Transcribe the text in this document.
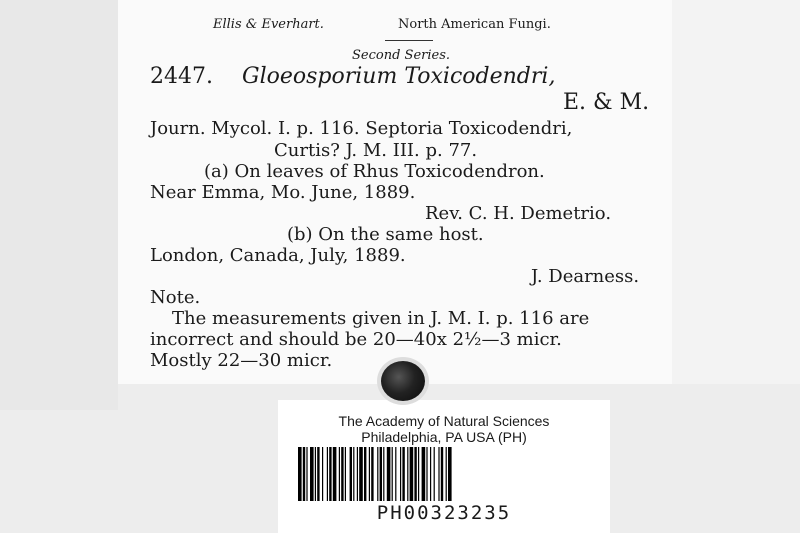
Ellis & Everhart.	North American Fungi.
Second Series.
2447. Gloeosporium Toxicodendri,
E. & M.
Journ. Mycol. I. p. 116. Septoria Toxicodendri,
Curtis? J. M. III. p. 77.
(a) On leaves of Rhus Toxicodendron.
Near Emma, Mo. June, 1889.
Rev. C. H. Demetrio.
(b) On the same host.
London, Canada, July, 1889.
J. Dearness.
Note.
The measurements given in J. M. I. p. 116 are
incorrect and should be 20—40x 2½—3 micr.
Mostly 22—30 micr.
The Academy of Natural Sciences
Philadelphia, PA USA (PH)
PH00323235
